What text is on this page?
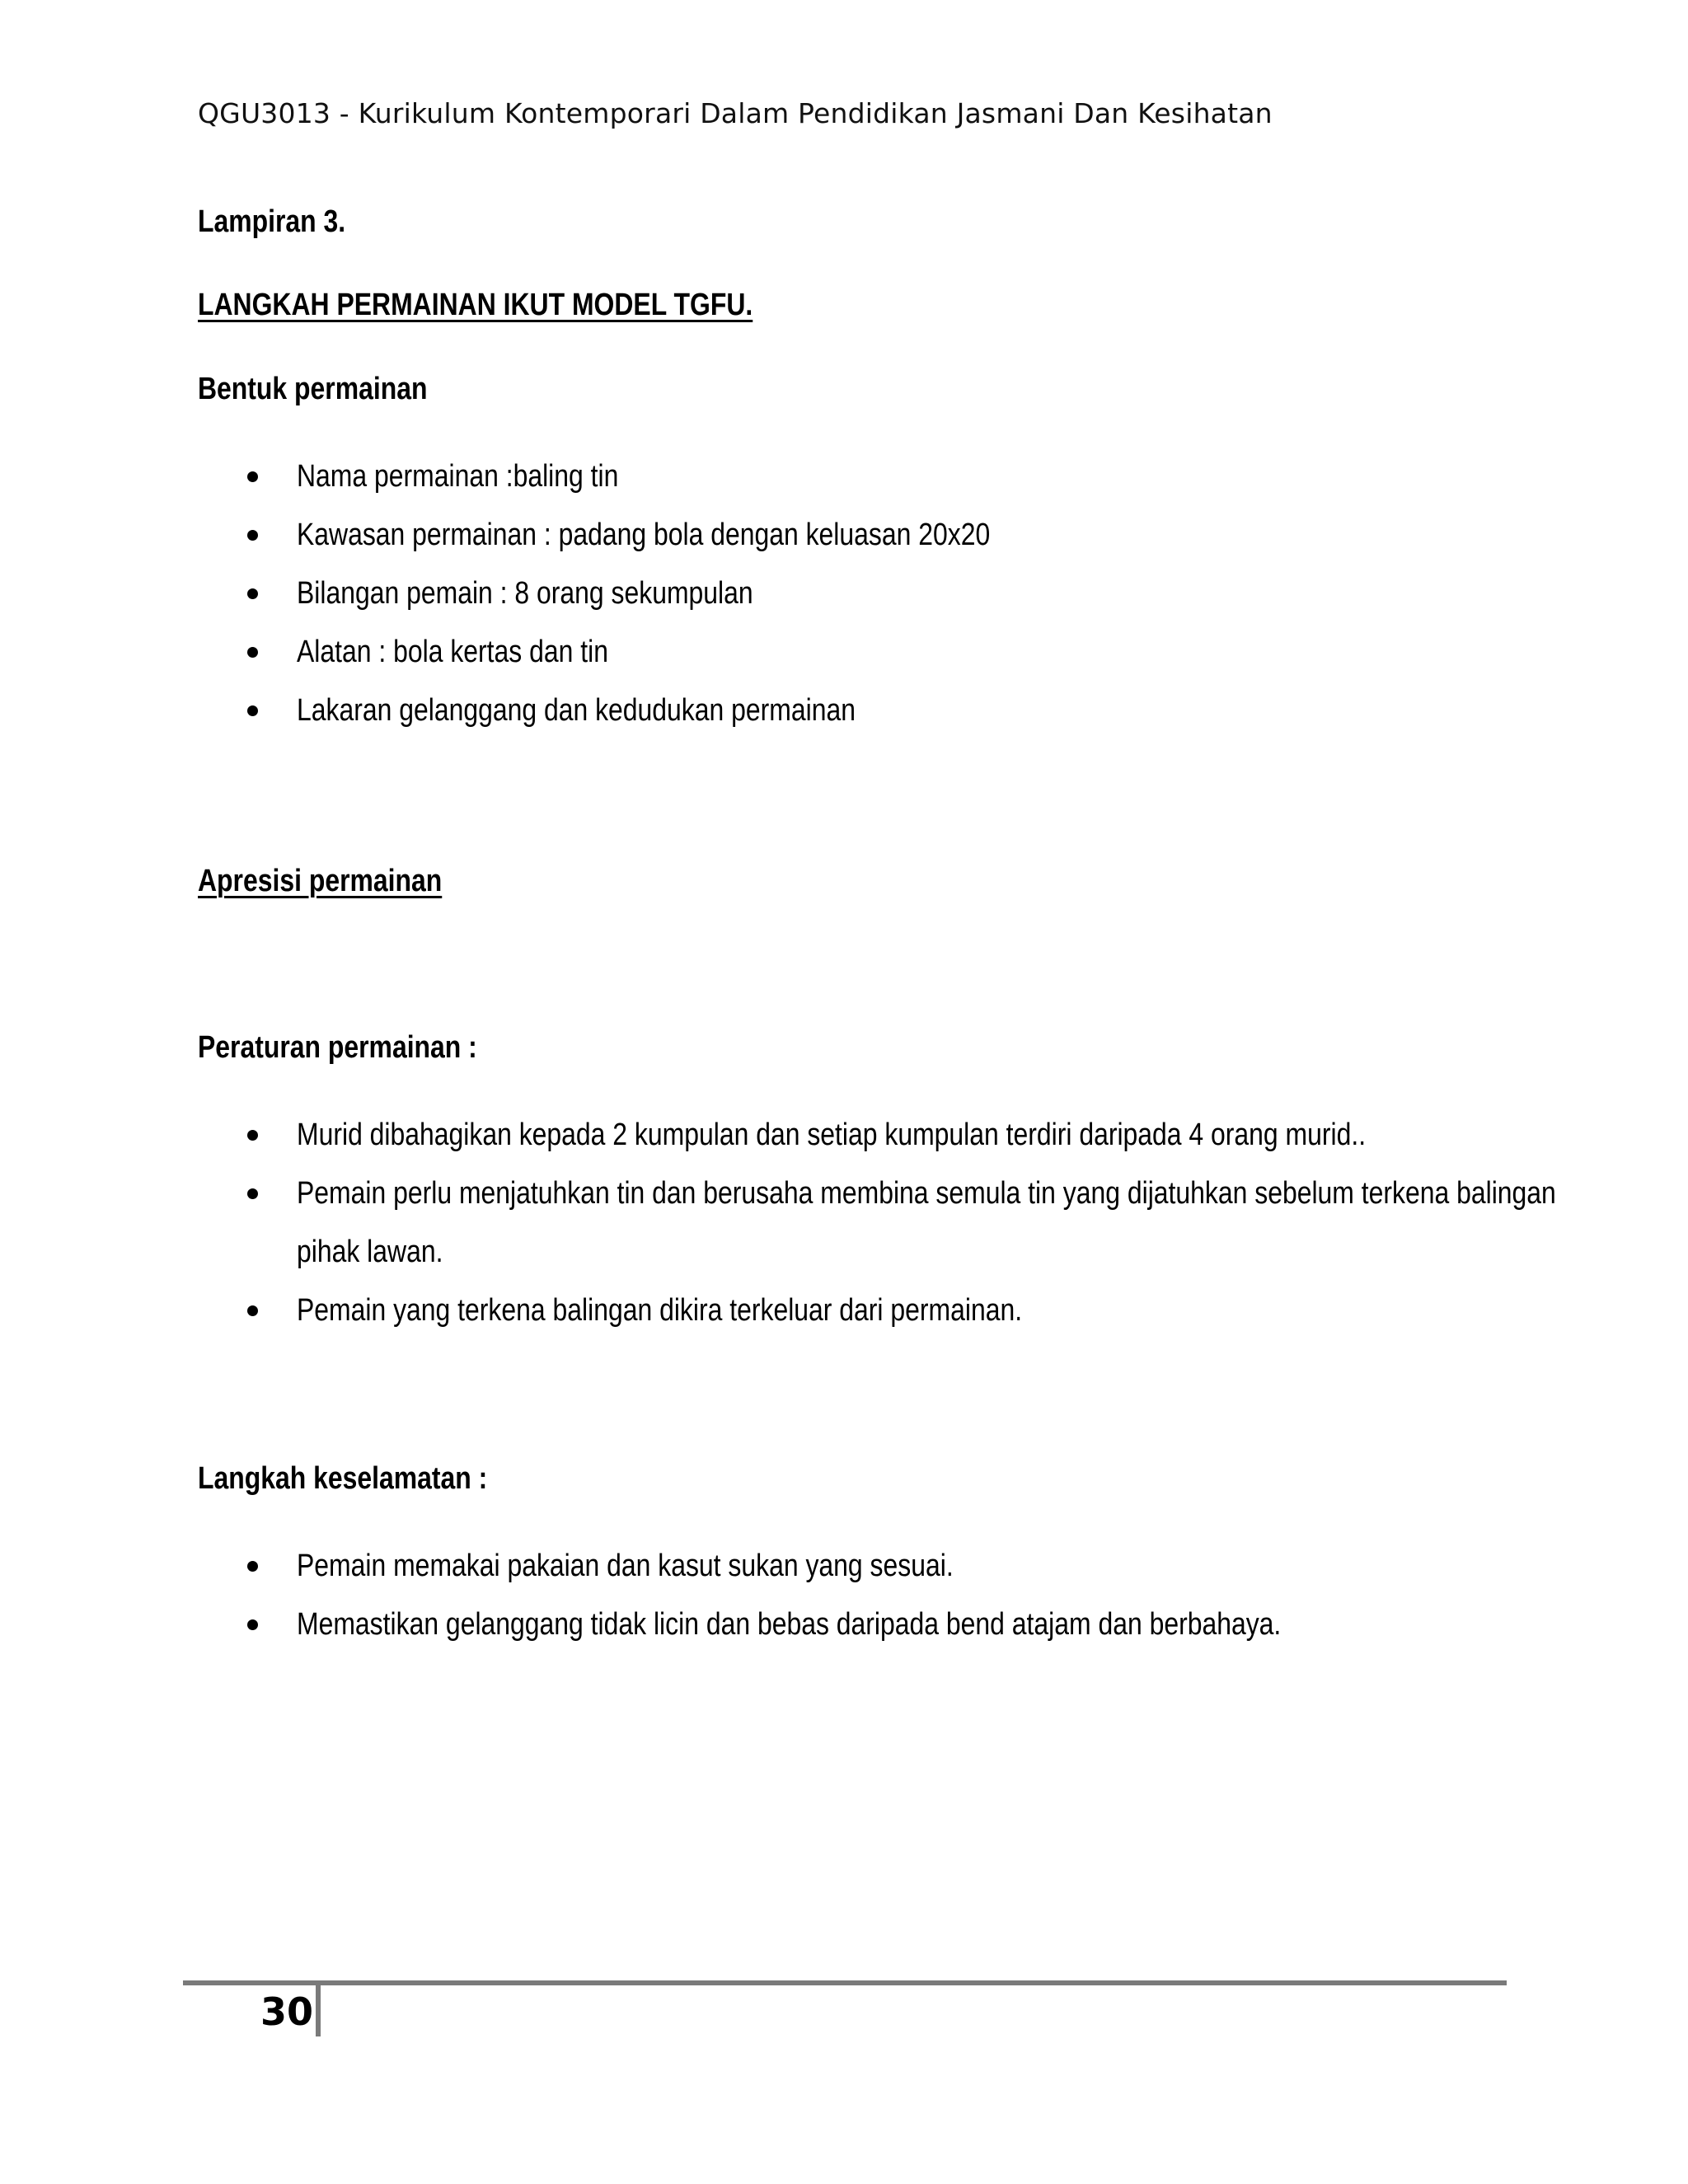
QGU3013 - Kurikulum Kontemporari Dalam Pendidikan Jasmani Dan Kesihatan
Lampiran 3.
LANGKAH PERMAINAN IKUT MODEL TGFU.
Bentuk permainan
Nama permainan :baling tin
Kawasan permainan : padang bola dengan keluasan 20x20
Bilangan pemain : 8 orang sekumpulan
Alatan : bola kertas dan tin
Lakaran gelanggang dan kedudukan permainan
Apresisi permainan
Peraturan permainan :
Murid dibahagikan kepada 2 kumpulan dan setiap kumpulan terdiri daripada 4 orang murid..
Pemain perlu menjatuhkan tin dan berusaha membina semula tin yang dijatuhkan sebelum terkena balingan pihak lawan.
Pemain yang terkena balingan dikira terkeluar dari permainan.
Langkah keselamatan :
Pemain memakai pakaian dan kasut sukan yang sesuai.
Memastikan gelanggang tidak licin dan bebas daripada bend atajam dan berbahaya.
30
